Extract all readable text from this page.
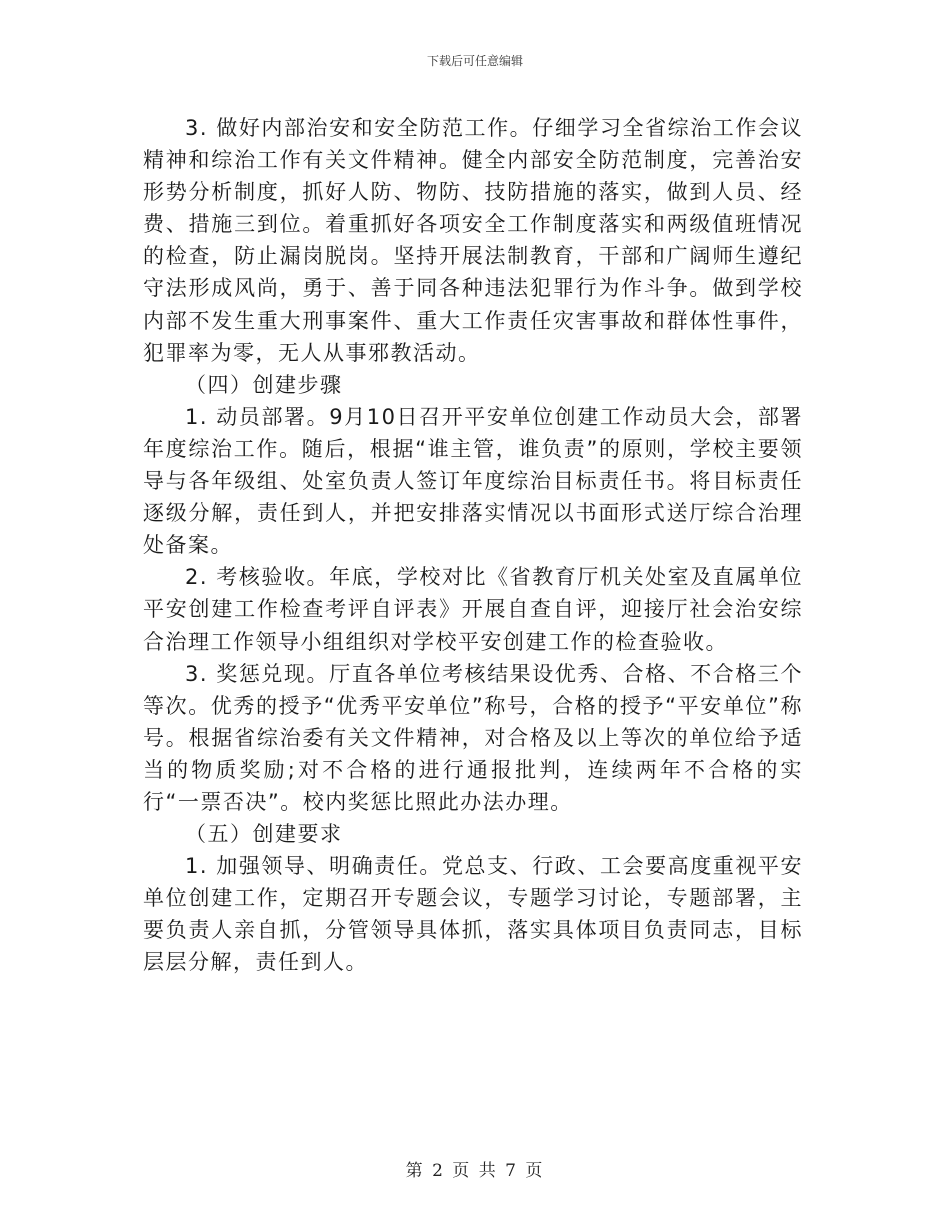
下载后可任意编辑

3. 做好内部治安和安全防范工作。仔细学习全省综治工作会议精神和综治工作有关文件精神。健全内部安全防范制度，完善治安形势分析制度，抓好人防、物防、技防措施的落实，做到人员、经费、措施三到位。着重抓好各项安全工作制度落实和两级值班情况的检查，防止漏岗脱岗。坚持开展法制教育，干部和广阔师生遵纪守法形成风尚，勇于、善于同各种违法犯罪行为作斗争。做到学校内部不发生重大刑事案件、重大工作责任灾害事故和群体性事件，犯罪率为零，无人从事邪教活动。

（四）创建步骤

1. 动员部署。9月10日召开平安单位创建工作动员大会，部署年度综治工作。随后，根据“谁主管，谁负责”的原则，学校主要领导与各年级组、处室负责人签订年度综治目标责任书。将目标责任逐级分解，责任到人，并把安排落实情况以书面形式送厅综合治理处备案。

2. 考核验收。年底，学校对比《省教育厅机关处室及直属单位平安创建工作检查考评自评表》开展自查自评，迎接厅社会治安综合治理工作领导小组组织对学校平安创建工作的检查验收。

3. 奖惩兑现。厅直各单位考核结果设优秀、合格、不合格三个等次。优秀的授予“优秀平安单位”称号，合格的授予“平安单位”称号。根据省综治委有关文件精神，对合格及以上等次的单位给予适当的物质奖励;对不合格的进行通报批判，连续两年不合格的实行“一票否决”。校内奖惩比照此办法办理。

（五）创建要求

1. 加强领导、明确责任。党总支、行政、工会要高度重视平安单位创建工作，定期召开专题会议，专题学习讨论，专题部署，主要负责人亲自抓，分管领导具体抓，落实具体项目负责同志，目标层层分解，责任到人。

第 2 页 共 7 页
